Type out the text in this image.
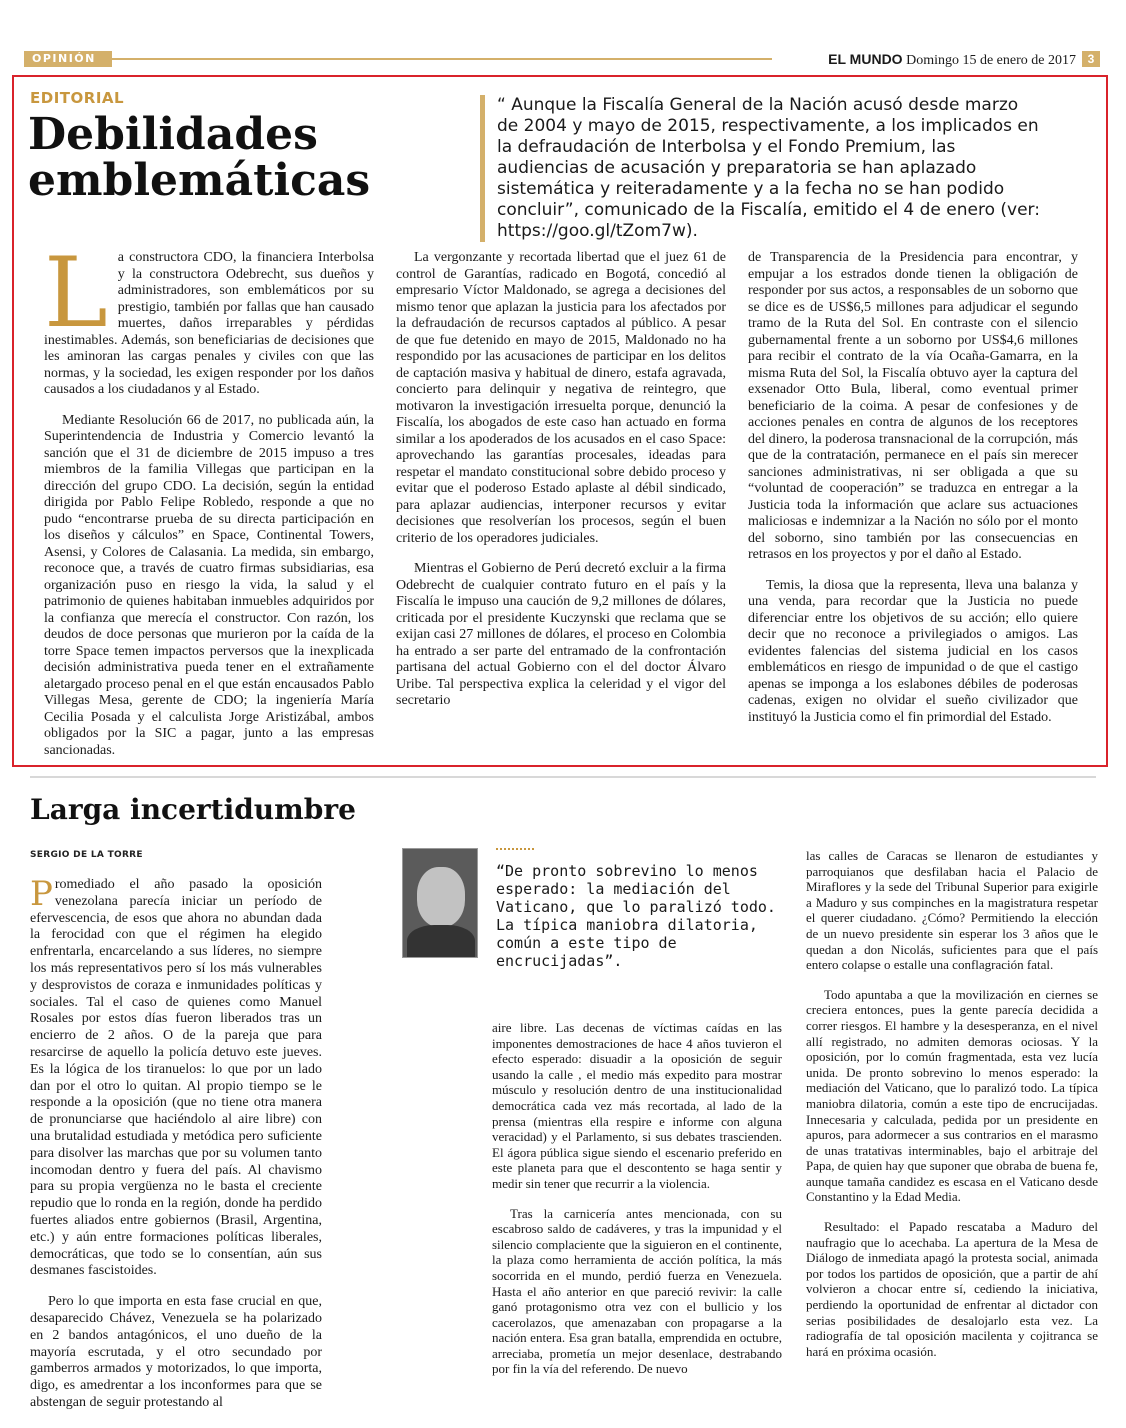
OPINIÓN	EL MUNDO Domingo 15 de enero de 2017 3
EDITORIAL
Debilidades emblemáticas
“ Aunque la Fiscalía General de la Nación acusó desde marzo de 2004 y mayo de 2015, respectivamente, a los implicados en la defraudación de Interbolsa y el Fondo Premium, las audiencias de acusación y preparatoria se han aplazado sistemática y reiteradamente y a la fecha no se han podido concluir”, comunicado de la Fiscalía, emitido el 4 de enero (ver: https://goo.gl/tZom7w).

L a constructora CDO, la financiera Interbolsa y la constructora Odebrecht, sus dueños y administradores, son emblemáticos por su prestigio, también por fallas que han causado muertes, daños irreparables y pérdidas inestimables. Además, son beneficiarias de decisiones que les aminoran las cargas penales y civiles con que las normas, y la sociedad, les exigen responder por los daños causados a los ciudadanos y al Estado.

Mediante Resolución 66 de 2017, no publicada aún, la Superintendencia de Industria y Comercio levantó la sanción que el 31 de diciembre de 2015 impuso a tres miembros de la familia Villegas que participan en la dirección del grupo CDO. La decisión, según la entidad dirigida por Pablo Felipe Robledo, responde a que no pudo “encontrarse prueba de su directa participación en los diseños y cálculos” en Space, Continental Towers, Asensi, y Colores de Calasania. La medida, sin embargo, reconoce que, a través de cuatro firmas subsidiarias, esa organización puso en riesgo la vida, la salud y el patrimonio de quienes habitaban inmuebles adquiridos por la confianza que merecía el constructor. Con razón, los deudos de doce personas que murieron por la caída de la torre Space temen impactos perversos que la inexplicada decisión administrativa pueda tener en el extrañamente aletargado proceso penal en el que están encausados Pablo Villegas Mesa, gerente de CDO; la ingeniería María Cecilia Posada y el calculista Jorge Aristizábal, ambos obligados por la SIC a pagar, junto a las empresas sancionadas.

La vergonzante y recortada libertad que el juez 61 de control de Garantías, radicado en Bogotá, concedió al empresario Víctor Maldonado, se agrega a decisiones del mismo tenor que aplazan la justicia para los afectados por la defraudación de recursos captados al público. A pesar de que fue detenido en mayo de 2015, Maldonado no ha respondido por las acusaciones de participar en los delitos de captación masiva y habitual de dinero, estafa agravada, concierto para delinquir y negativa de reintegro, que motivaron la investigación irresuelta porque, denunció la Fiscalía, los abogados de este caso han actuado en forma similar a los apoderados de los acusados en el caso Space: aprovechando las garantías procesales, ideadas para respetar el mandato constitucional sobre debido proceso y evitar que el poderoso Estado aplaste al débil sindicado, para aplazar audiencias, interponer recursos y evitar decisiones que resolverían los procesos, según el buen criterio de los operadores judiciales.

Mientras el Gobierno de Perú decretó excluir a la firma Odebrecht de cualquier contrato futuro en el país y la Fiscalía le impuso una caución de 9,2 millones de dólares, criticada por el presidente Kuczynski que reclama que se exijan casi 27 millones de dólares, el proceso en Colombia ha entrado a ser parte del entramado de la confrontación partisana del actual Gobierno con el del doctor Álvaro Uribe. Tal perspectiva explica la celeridad y el vigor del secretario

de Transparencia de la Presidencia para encontrar, y empujar a los estrados donde tienen la obligación de responder por sus actos, a responsables de un soborno que se dice es de US$6,5 millones para adjudicar el segundo tramo de la Ruta del Sol. En contraste con el silencio gubernamental frente a un soborno por US$4,6 millones para recibir el contrato de la vía Ocaña-Gamarra, en la misma Ruta del Sol, la Fiscalía obtuvo ayer la captura del exsenador Otto Bula, liberal, como eventual primer beneficiario de la coima. A pesar de confesiones y de acciones penales en contra de algunos de los receptores del dinero, la poderosa transnacional de la corrupción, más que de la contratación, permanece en el país sin merecer sanciones administrativas, ni ser obligada a que su “voluntad de cooperación” se traduzca en entregar a la Justicia toda la información que aclare sus actuaciones maliciosas e indemnizar a la Nación no sólo por el monto del soborno, sino también por las consecuencias en retrasos en los proyectos y por el daño al Estado.

Temis, la diosa que la representa, lleva una balanza y una venda, para recordar que la Justicia no puede diferenciar entre los objetivos de su acción; ello quiere decir que no reconoce a privilegiados o amigos. Las evidentes falencias del sistema judicial en los casos emblemáticos en riesgo de impunidad o de que el castigo apenas se imponga a los eslabones débiles de poderosas cadenas, exigen no olvidar el sueño civilizador que instituyó la Justicia como el fin primordial del Estado.

Larga incertidumbre
SERGIO DE LA TORRE

P romediado el año pasado la oposición venezolana parecía iniciar un período de efervescencia, de esos que ahora no abundan dada la ferocidad con que el régimen ha elegido enfrentarla, encarcelando a sus líderes, no siempre los más representativos pero sí los más vulnerables y desprovistos de coraza e inmunidades políticas y sociales. Tal el caso de quienes como Manuel Rosales por estos días fueron liberados tras un encierro de 2 años. O de la pareja que para resarcirse de aquello la policía detuvo este jueves. Es la lógica de los tiranuelos: lo que por un lado dan por el otro lo quitan. Al propio tiempo se le responde a la oposición (que no tiene otra manera de pronunciarse que haciéndolo al aire libre) con una brutalidad estudiada y metódica pero suficiente para disolver las marchas que por su volumen tanto incomodan dentro y fuera del país. Al chavismo para su propia vergüenza no le basta el creciente repudio que lo ronda en la región, donde ha perdido fuertes aliados entre gobiernos (Brasil, Argentina, etc.) y aún entre formaciones políticas liberales, democráticas, que todo se lo consentían, aún sus desmanes fascistoides.

Pero lo que importa en esta fase crucial en que, desaparecido Chávez, Venezuela se ha polarizado en 2 bandos antagónicos, el uno dueño de la mayoría escrutada, y el otro secundado por gamberros armados y motorizados, lo que importa, digo, es amedrentar a los inconformes para que se abstengan de seguir protestando al

“De pronto sobrevino lo menos esperado: la mediación del Vaticano, que lo paralizó todo. La típica maniobra dilatoria, común a este tipo de encrucijadas”.

aire libre. Las decenas de víctimas caídas en las imponentes demostraciones de hace 4 años tuvieron el efecto esperado: disuadir a la oposición de seguir usando la calle , el medio más expedito para mostrar músculo y resolución dentro de una institucionalidad democrática cada vez más recortada, al lado de la prensa (mientras ella respire e informe con alguna veracidad) y el Parlamento, si sus debates trascienden. El ágora pública sigue siendo el escenario preferido en este planeta para que el descontento se haga sentir y medir sin tener que recurrir a la violencia.

Tras la carnicería antes mencionada, con su escabroso saldo de cadáveres, y tras la impunidad y el silencio complaciente que la siguieron en el continente, la plaza como herramienta de acción política, la más socorrida en el mundo, perdió fuerza en Venezuela. Hasta el año anterior en que pareció revivir: la calle ganó protagonismo otra vez con el bullicio y los cacerolazos, que amenazaban con propagarse a la nación entera. Esa gran batalla, emprendida en octubre, arreciaba, prometía un mejor desenlace, destrabando por fin la vía del referendo. De nuevo

las calles de Caracas se llenaron de estudiantes y parroquianos que desfilaban hacia el Palacio de Miraflores y la sede del Tribunal Superior para exigirle a Maduro y sus compinches en la magistratura respetar el querer ciudadano. ¿Cómo? Permitiendo la elección de un nuevo presidente sin esperar los 3 años que le quedan a don Nicolás, suficientes para que el país entero colapse o estalle una conflagración fatal.

Todo apuntaba a que la movilización en ciernes se creciera entonces, pues la gente parecía decidida a correr riesgos. El hambre y la desesperanza, en el nivel allí registrado, no admiten demoras ociosas. Y la oposición, por lo común fragmentada, esta vez lucía unida. De pronto sobrevino lo menos esperado: la mediación del Vaticano, que lo paralizó todo. La típica maniobra dilatoria, común a este tipo de encrucijadas. Innecesaria y calculada, pedida por un presidente en apuros, para adormecer a sus contrarios en el marasmo de unas tratativas interminables, bajo el arbitraje del Papa, de quien hay que suponer que obraba de buena fe, aunque tamaña candidez es escasa en el Vaticano desde Constantino y la Edad Media.

Resultado: el Papado rescataba a Maduro del naufragio que lo acechaba. La apertura de la Mesa de Diálogo de inmediata apagó la protesta social, animada por todos los partidos de oposición, que a partir de ahí volvieron a chocar entre sí, cediendo la iniciativa, perdiendo la oportunidad de enfrentar al dictador con serias posibilidades de desalojarlo esta vez. La radiografía de tal oposición macilenta y cojitranca se hará en próxima ocasión.
